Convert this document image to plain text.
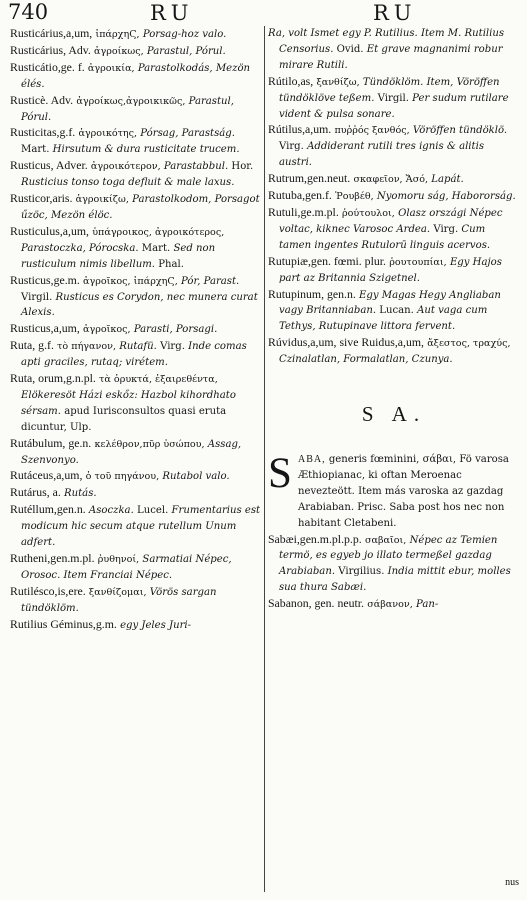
740	RU	RU

Rusticárius,a,um, ἰπάρχηϚ, Porsag-hoz valo.

Rusticárius, Adv. ἀγροίκως, Parastul, Pórul.

Rusticátio,ge. f. ἀγροικία, Parastolkodás, Mezön élés.

Rusticè. Adv. ἀγροίκως,ἀγροικικῶς, Parastul, Pórul.

Rusticitas,g.f. ἀγροικότης, Pórsag, Parastság. Mart. Hirsutum & dura rusticitate trucem.

Rusticus, Adver. ἀγροικότερον, Parastabbul. Hor. Rusticius tonso toga defluit & male laxus.

Rusticor,aris. ἀγροικίζω, Parastolkodom, Porsagot űzöc, Mezön élöc.

Rusticulus,a,um, ὑπάγροικος, ἀγροικότερος, Parastoczka, Pórocska. Mart. Sed non rusticulum nimis libellum. Phal.

Rusticus,ge.m. ἀγροῖκος, ἰπάρχηϚ, Pór, Parast. Virgil. Rusticus es Corydon, nec munera curat Alexis.

Rusticus,a,um, ἀγροῖκος, Parasti, Porsagi.

Ruta, g.f. τὸ πήγανον, Rutafü. Virg. Inde comas apti graciles, rutaq; virétem.

Ruta, orum,g.n.pl. τὰ ὀρυκτά, ἐξαιρεθέντα, Elökeresöt Házi eskőz: Hazbol kihordhato sérsam. apud Iurisconsultos quasi eruta dicuntur, Ulp.

Rutábulum, ge.n. κελέθρον,πῦρ ὑσώπου, Assag, Szenvonyo.

Rutáceus,a,um, ὁ τοῦ πηγάνου, Rutabol valo.

Rutárus, a. Rutás.

Rutéllum,gen.n. Asoczka. Lucel. Frumentarius est modicum hic secum atque rutellum Unum adfert.

Rutheni,gen.m.pl. ῥυθηνοί, Sarmatiai Népec, Orosoc. Item Franciai Népec.

Rutilésco,is,ere. ξανθίζομαι, Vörös sargan tündöklöm.

Rutilius Géminus,g.m. egy Jeles Juri-

Ra, volt Ismet egy P. Rutilius. Item M. Rutilius Censorius. Ovid. Et grave magnanimi robur mirare Rutili.

Rútilo,as, ξανθίζω, Tündöklöm. Item, Vöröffen tündöklöve teßem. Virgil. Per sudum rutilare vident & pulsa sonare.

Rútilus,a,um. πυῤῥός ξανθός, Vöröffen tündöklö. Virg. Addiderant rutili tres ignis & alitis austri.

Rutrum,gen.neut. σκαφεῖον, Ἄσό, Lapát.

Rutuba,gen.f. Ῥουβέθ, Nyomoru ság, Habororság.

Rutuli,ge.m.pl. ῥούτουλοι, Olasz országi Népec voltac, kiknec Varosoc Ardea. Virg. Cum tamen ingentes Rutulorū linguis acervos.

Rutupiæ,gen. fœmi. plur. ῥουτουπίαι, Egy Hajos part az Britannia Szigetnel.

Rutupinum, gen.n. Egy Magas Hegy Angliaban vagy Britanniaban. Lucan. Aut vaga cum Tethys, Rutupinave littora fervent.

Rúvidus,a,um, sive Ruidus,a,um, ἄξεστος, τραχύς, Czinalatlan, Formalatlan, Czunya.

S A.

S ABA, generis fœminini, σάβαι, Fö varosa Æthiopianac, ki oftan Meroenac nevezteött. Item más varoska az gazdag Arabiaban. Prisc. Saba post hos nec non habitant Cletabeni.

Sabæi,gen.m.pl.p.p. σαβαῖοι, Népec az Temien termö, es egyeb jo illato termeßel gazdag Arabiaban. Virgilius. India mittit ebur, molles sua thura Sabæi.

Sabanon, gen. neutr. σάβανον, Pan-

nus
